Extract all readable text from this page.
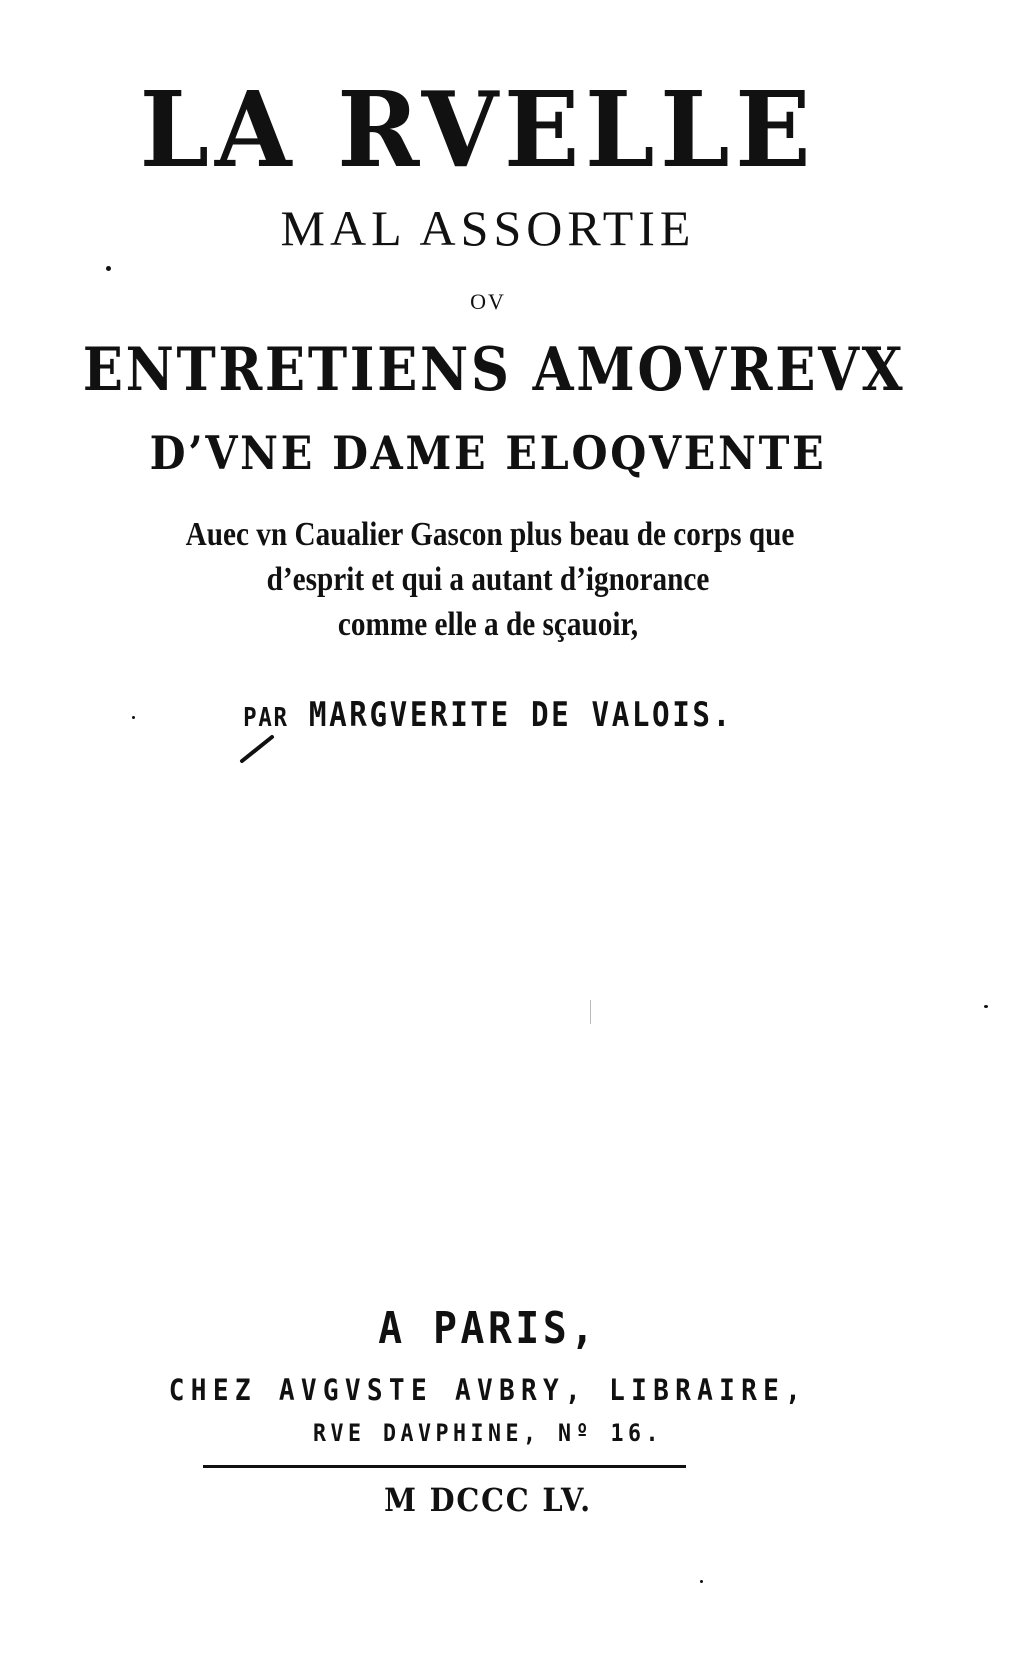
LA RVELLE
MAL ASSORTIE
OV
ENTRETIENS AMOVREVX
D’VNE DAME ELOQVENTE
Auec vn Caualier Gascon plus beau de corps que
d’esprit et qui a autant d’ignorance
comme elle a de sçauoir,
PAR MARGVERITE DE VALOIS.
A PARIS,
CHEZ AVGVSTE AVBRY, LIBRAIRE,
RVE DAVPHINE, Nº 16.
M DCCC LV.
